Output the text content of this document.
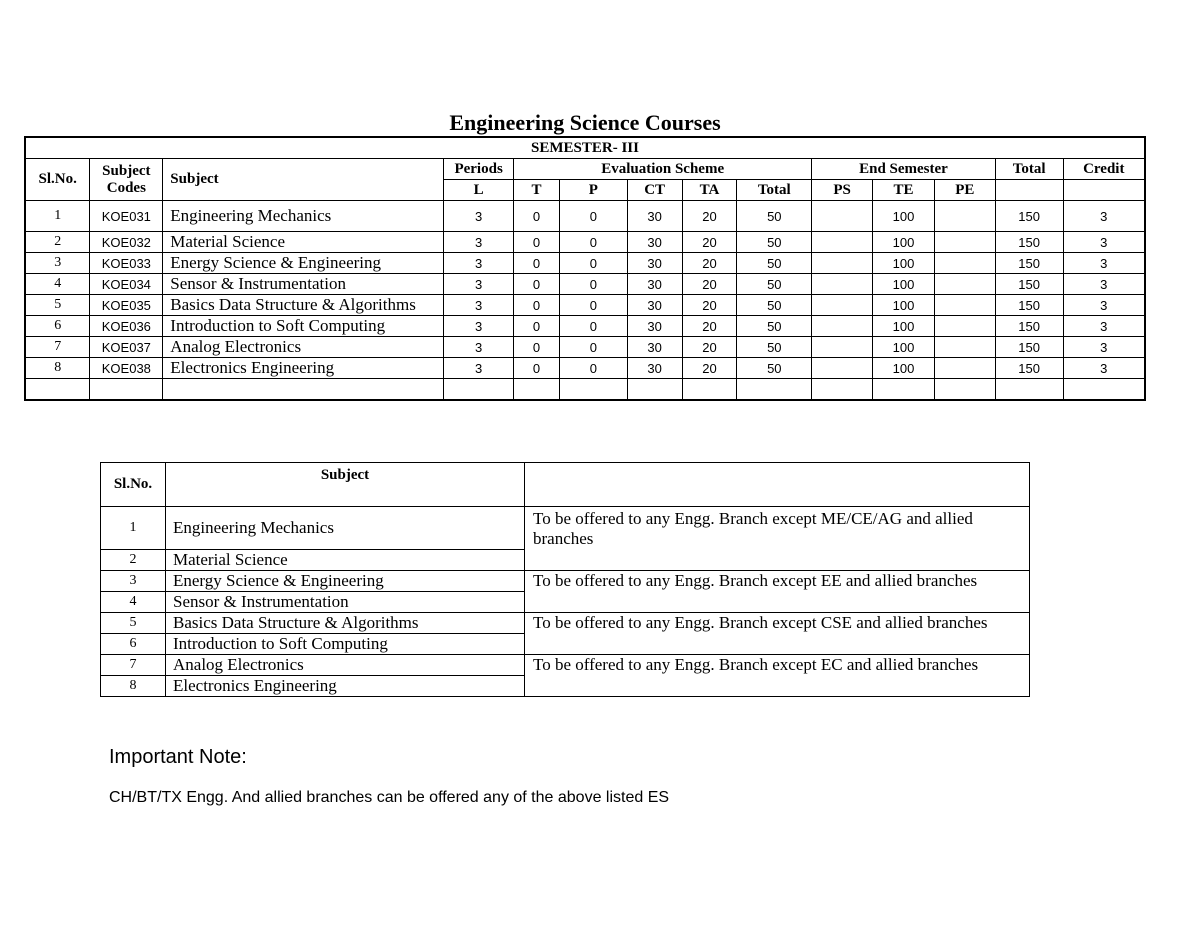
Engineering Science Courses
SEMESTER- III													
Sl.No.	Subject Codes	Subject	Periods	Evaluation Scheme					End Semester			Total	Credit
			L	T	P	CT	TA	Total	PS	TE	PE		
1	KOE031	Engineering Mechanics	3	0	0	30	20	50		100		150	3
2	KOE032	Material Science	3	0	0	30	20	50		100		150	3
3	KOE033	Energy Science & Engineering	3	0	0	30	20	50		100		150	3
4	KOE034	Sensor & Instrumentation	3	0	0	30	20	50		100		150	3
5	KOE035	Basics Data Structure & Algorithms	3	0	0	30	20	50		100		150	3
6	KOE036	Introduction to Soft Computing	3	0	0	30	20	50		100		150	3
7	KOE037	Analog Electronics	3	0	0	30	20	50		100		150	3
8	KOE038	Electronics Engineering	3	0	0	30	20	50		100		150	3

Sl.No.	Subject	
1	Engineering Mechanics	To be offered to any Engg. Branch except ME/CE/AG and allied branches
2	Material Science	
3	Energy Science & Engineering	To be offered to any Engg. Branch except EE and allied branches
4	Sensor & Instrumentation	
5	Basics Data Structure & Algorithms	To be offered to any Engg. Branch except CSE and allied branches
6	Introduction to Soft Computing	
7	Analog Electronics	To be offered to any Engg. Branch except EC and allied branches
8	Electronics Engineering	
Important Note:
CH/BT/TX Engg. And allied branches can be offered any of the above listed ES
